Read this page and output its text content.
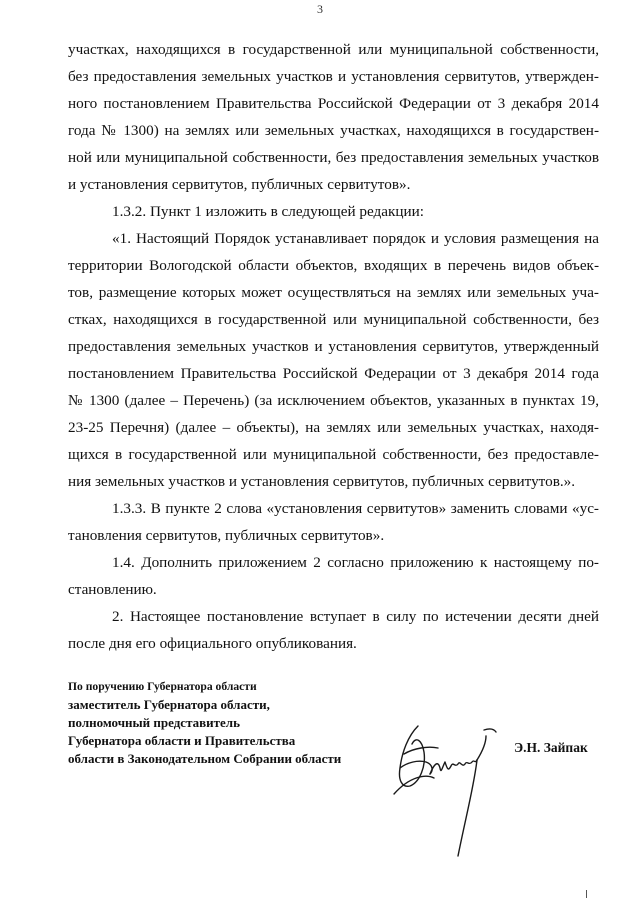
3
участках, находящихся в государственной или муниципальной собственности,
без предоставления земельных участков и установления сервитутов, утвержден-
ного постановлением Правительства Российской Федерации от 3 декабря 2014
года № 1300) на землях или земельных участках, находящихся в государствен-
ной или муниципальной собственности, без предоставления земельных участков
и установления сервитутов, публичных сервитутов».
1.3.2. Пункт 1 изложить в следующей редакции:
«1. Настоящий Порядок устанавливает порядок и условия размещения на
территории Вологодской области объектов, входящих в перечень видов объек-
тов, размещение которых может осуществляться на землях или земельных уча-
стках, находящихся в государственной или муниципальной собственности, без
предоставления земельных участков и установления сервитутов, утвержденный
постановлением Правительства Российской Федерации от 3 декабря 2014 года
№ 1300 (далее – Перечень) (за исключением объектов, указанных в пунктах 19,
23-25 Перечня) (далее – объекты), на землях или земельных участках, находя-
щихся в государственной или муниципальной собственности, без предоставле-
ния земельных участков и установления сервитутов, публичных сервитутов.».
1.3.3. В пункте 2 слова «установления сервитутов» заменить словами «ус-
тановления сервитутов, публичных сервитутов».
1.4. Дополнить приложением 2 согласно приложению к настоящему по-
становлению.
2. Настоящее постановление вступает в силу по истечении десяти дней
после дня его официального опубликования.
По поручению Губернатора области
заместитель Губернатора области,
полномочный представитель
Губернатора области и Правительства
области в Законодательном Собрании области
Э.Н. Зайпак
